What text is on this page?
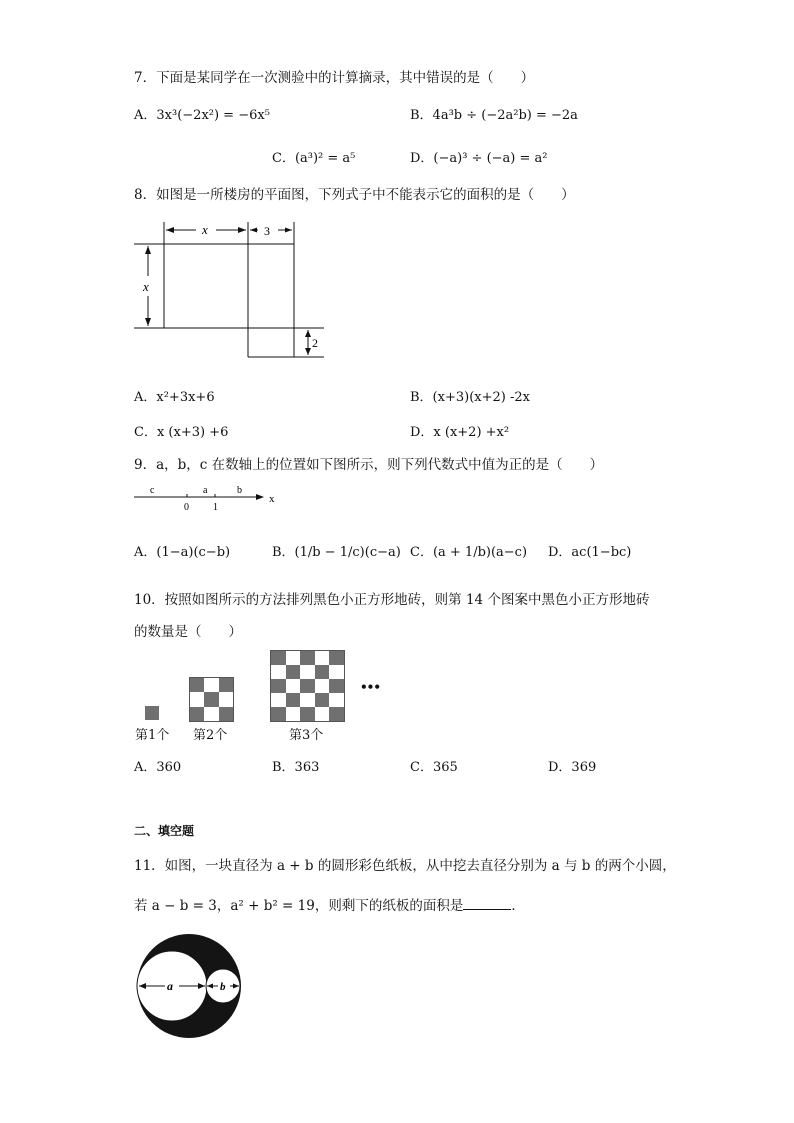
7．下面是某同学在一次测验中的计算摘录，其中错误的是（　　）
A．3x³(−2x²) = −6x⁵	B．4a³b ÷ (−2a²b) = −2a
C．(a³)² = a⁵	D．(−a)³ ÷ (−a) = a²
8．如图是一所楼房的平面图，下列式子中不能表示它的面积的是（　　）
x	3
x
2
A．x²+3x+6	B．(x+3)(x+2) -2x
C．x (x+3) +6	D．x (x+2) +x²
9．a，b，c 在数轴上的位置如下图所示，则下列代数式中值为正的是（　　）
c	a	b
0 1
x
A．(1−a)(c−b)	B．(1/b − 1/c)(c−a) C．(a + 1/b)(a−c) D．ac(1−bc)
10．按照如图所示的方法排列黑色小正方形地砖，则第 14 个图案中黑色小正方形地砖
的数量是（　　）
•••
第1个 第2个	第3个
A．360	B．363	C．365	D．369
二、填空题
11．如图，一块直径为 a + b 的圆形彩色纸板，从中挖去直径分别为 a 与 b 的两个小圆，
若 a − b = 3，a² + b² = 19，则剩下的纸板的面积是	．
a	b
